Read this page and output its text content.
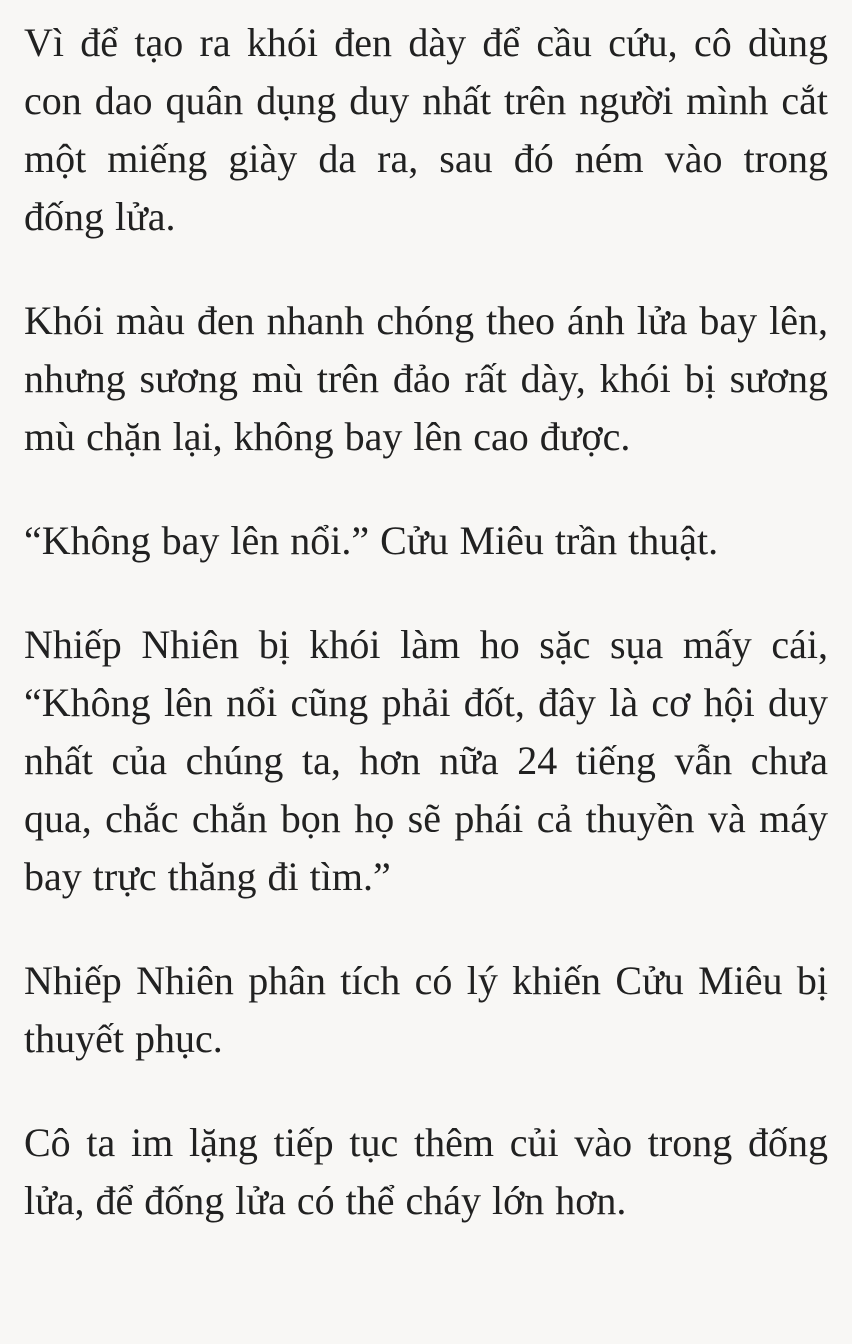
Vì để tạo ra khói đen dày để cầu cứu, cô dùng con dao quân dụng duy nhất trên người mình cắt một miếng giày da ra, sau đó ném vào trong đống lửa.

Khói màu đen nhanh chóng theo ánh lửa bay lên, nhưng sương mù trên đảo rất dày, khói bị sương mù chặn lại, không bay lên cao được.

“Không bay lên nổi.” Cửu Miêu trần thuật.

Nhiếp Nhiên bị khói làm ho sặc sụa mấy cái, “Không lên nổi cũng phải đốt, đây là cơ hội duy nhất của chúng ta, hơn nữa 24 tiếng vẫn chưa qua, chắc chắn bọn họ sẽ phái cả thuyền và máy bay trực thăng đi tìm.”

Nhiếp Nhiên phân tích có lý khiến Cửu Miêu bị thuyết phục.

Cô ta im lặng tiếp tục thêm củi vào trong đống lửa, để đống lửa có thể cháy lớn hơn.
